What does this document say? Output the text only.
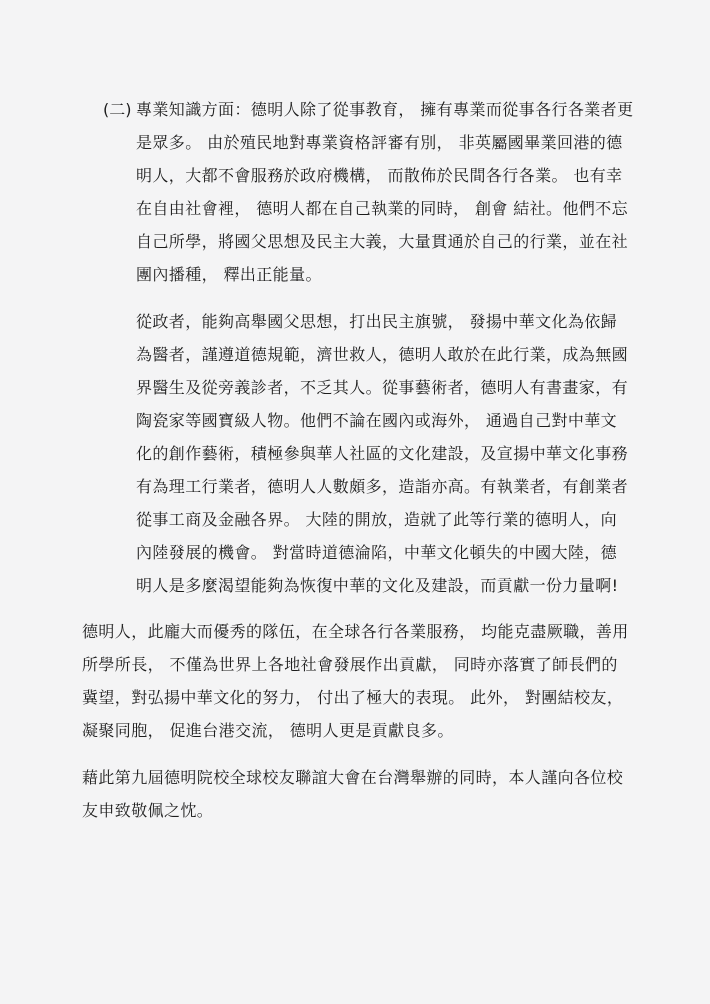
(二) 專業知識方面：德明人除了從事教育， 擁有專業而從事各行各業者更
是眾多。 由於殖民地對專業資格評審有別， 非英屬國畢業回港的德
明人，大都不會服務於政府機構， 而散佈於民間各行各業。 也有幸
在自由社會裡， 德明人都在自己執業的同時， 創會 結社。他們不忘
自己所學，將國父思想及民主大義，大量貫通於自己的行業，並在社
團內播種， 釋出正能量。
從政者，能夠高舉國父思想，打出民主旗號， 發揚中華文化為依歸
為醫者，謹遵道德規範，濟世救人，德明人敢於在此行業，成為無國
界醫生及從旁義診者，不乏其人。從事藝術者，德明人有書畫家，有
陶瓷家等國寶級人物。他們不論在國內或海外， 通過自己對中華文
化的創作藝術，積極參與華人社區的文化建設，及宣揚中華文化事務
有為理工行業者，德明人人數頗多，造詣亦高。有執業者，有創業者
從事工商及金融各界。 大陸的開放，造就了此等行業的德明人，向
內陸發展的機會。 對當時道德淪陷，中華文化頓失的中國大陸，德
明人是多麼渴望能夠為恢復中華的文化及建設，而貢獻一份力量啊!
德明人，此龐大而優秀的隊伍，在全球各行各業服務， 均能克盡厥職，善用
所學所長， 不僅為世界上各地社會發展作出貢獻， 同時亦落實了師長們的
冀望，對弘揚中華文化的努力， 付出了極大的表現。 此外， 對團結校友，
凝聚同胞， 促進台港交流， 德明人更是貢獻良多。
藉此第九屆德明院校全球校友聯誼大會在台灣舉辦的同時，本人謹向各位校
友申致敬佩之忱。
